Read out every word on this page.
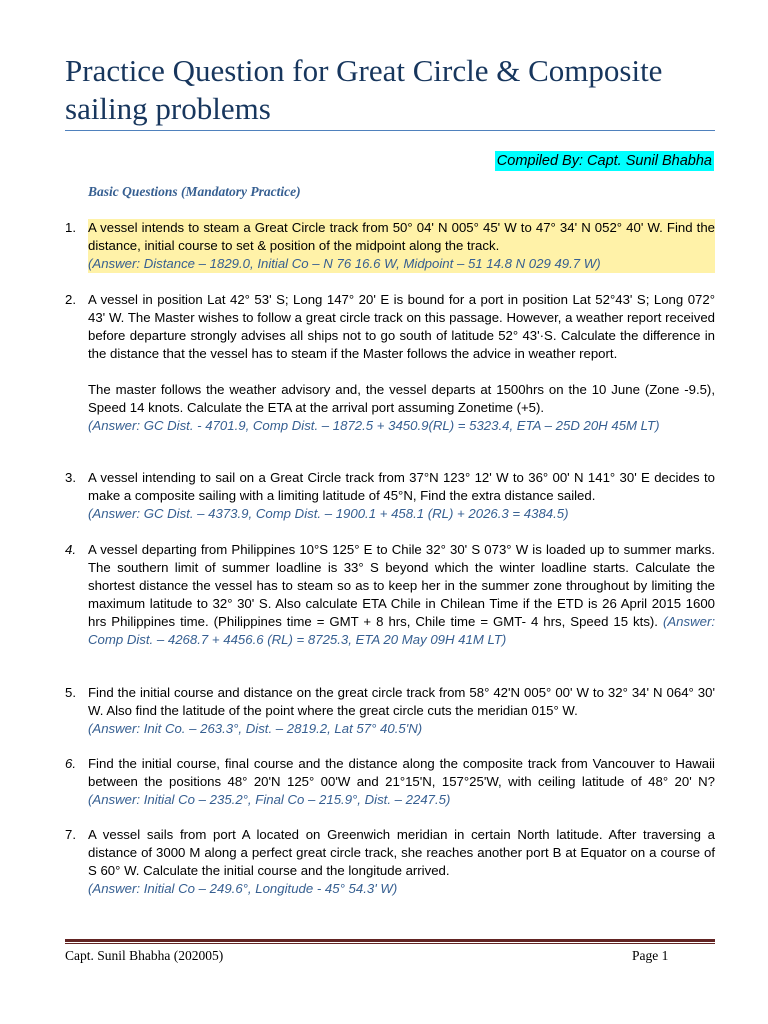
Practice Question for Great Circle & Composite sailing problems
Compiled By: Capt. Sunil Bhabha
Basic Questions (Mandatory Practice)
1. A vessel intends to steam a Great Circle track from 50° 04' N 005° 45' W to 47° 34' N 052° 40' W. Find the distance, initial course to set & position of the midpoint along the track.

(Answer: Distance – 1829.0, Initial Co – N 76 16.6 W, Midpoint – 51 14.8 N 029 49.7 W)

2. A vessel in position Lat 42° 53' S; Long 147° 20' E is bound for a port in position Lat 52°43' S; Long 072° 43' W. The Master wishes to follow a great circle track on this passage. However, a weather report received before departure strongly advises all ships not to go south of latitude 52° 43'·S. Calculate the difference in the distance that the vessel has to steam if the Master follows the advice in weather report.

The master follows the weather advisory and, the vessel departs at 1500hrs on the 10 June (Zone -9.5), Speed 14 knots. Calculate the ETA at the arrival port assuming Zonetime (+5).

(Answer: GC Dist. - 4701.9, Comp Dist. – 1872.5 + 3450.9(RL) = 5323.4, ETA – 25D 20H 45M LT)

3. A vessel intending to sail on a Great Circle track from 37°N 123° 12' W to 36° 00' N 141° 30' E decides to make a composite sailing with a limiting latitude of 45°N, Find the extra distance sailed.

(Answer: GC Dist. – 4373.9, Comp Dist. – 1900.1 + 458.1 (RL) + 2026.3 = 4384.5)

4. A vessel departing from Philippines 10°S 125° E to Chile 32° 30' S 073° W is loaded up to summer marks. The southern limit of summer loadline is 33° S beyond which the winter loadline starts. Calculate the shortest distance the vessel has to steam so as to keep her in the summer zone throughout by limiting the maximum latitude to 32° 30' S. Also calculate ETA Chile in Chilean Time if the ETD is 26 April 2015 1600 hrs Philippines time. (Philippines time = GMT + 8 hrs, Chile time = GMT- 4 hrs, Speed 15 kts). (Answer: Comp Dist. – 4268.7 + 4456.6 (RL) = 8725.3, ETA 20 May 09H 41M LT)

5. Find the initial course and distance on the great circle track from 58° 42'N 005° 00' W to 32° 34' N 064° 30' W. Also find the latitude of the point where the great circle cuts the meridian 015° W.

(Answer: Init Co. – 263.3°, Dist. – 2819.2, Lat 57° 40.5'N)

6. Find the initial course, final course and the distance along the composite track from Vancouver to Hawaii between the positions 48° 20'N 125° 00'W and 21°15'N, 157°25'W, with ceiling latitude of 48° 20' N? (Answer: Initial Co – 235.2°, Final Co – 215.9°, Dist. – 2247.5)

7. A vessel sails from port A located on Greenwich meridian in certain North latitude. After traversing a distance of 3000 M along a perfect great circle track, she reaches another port B at Equator on a course of S 60° W. Calculate the initial course and the longitude arrived.

(Answer: Initial Co – 249.6°, Longitude - 45° 54.3' W)

Capt. Sunil Bhabha (202005)	Page 1
